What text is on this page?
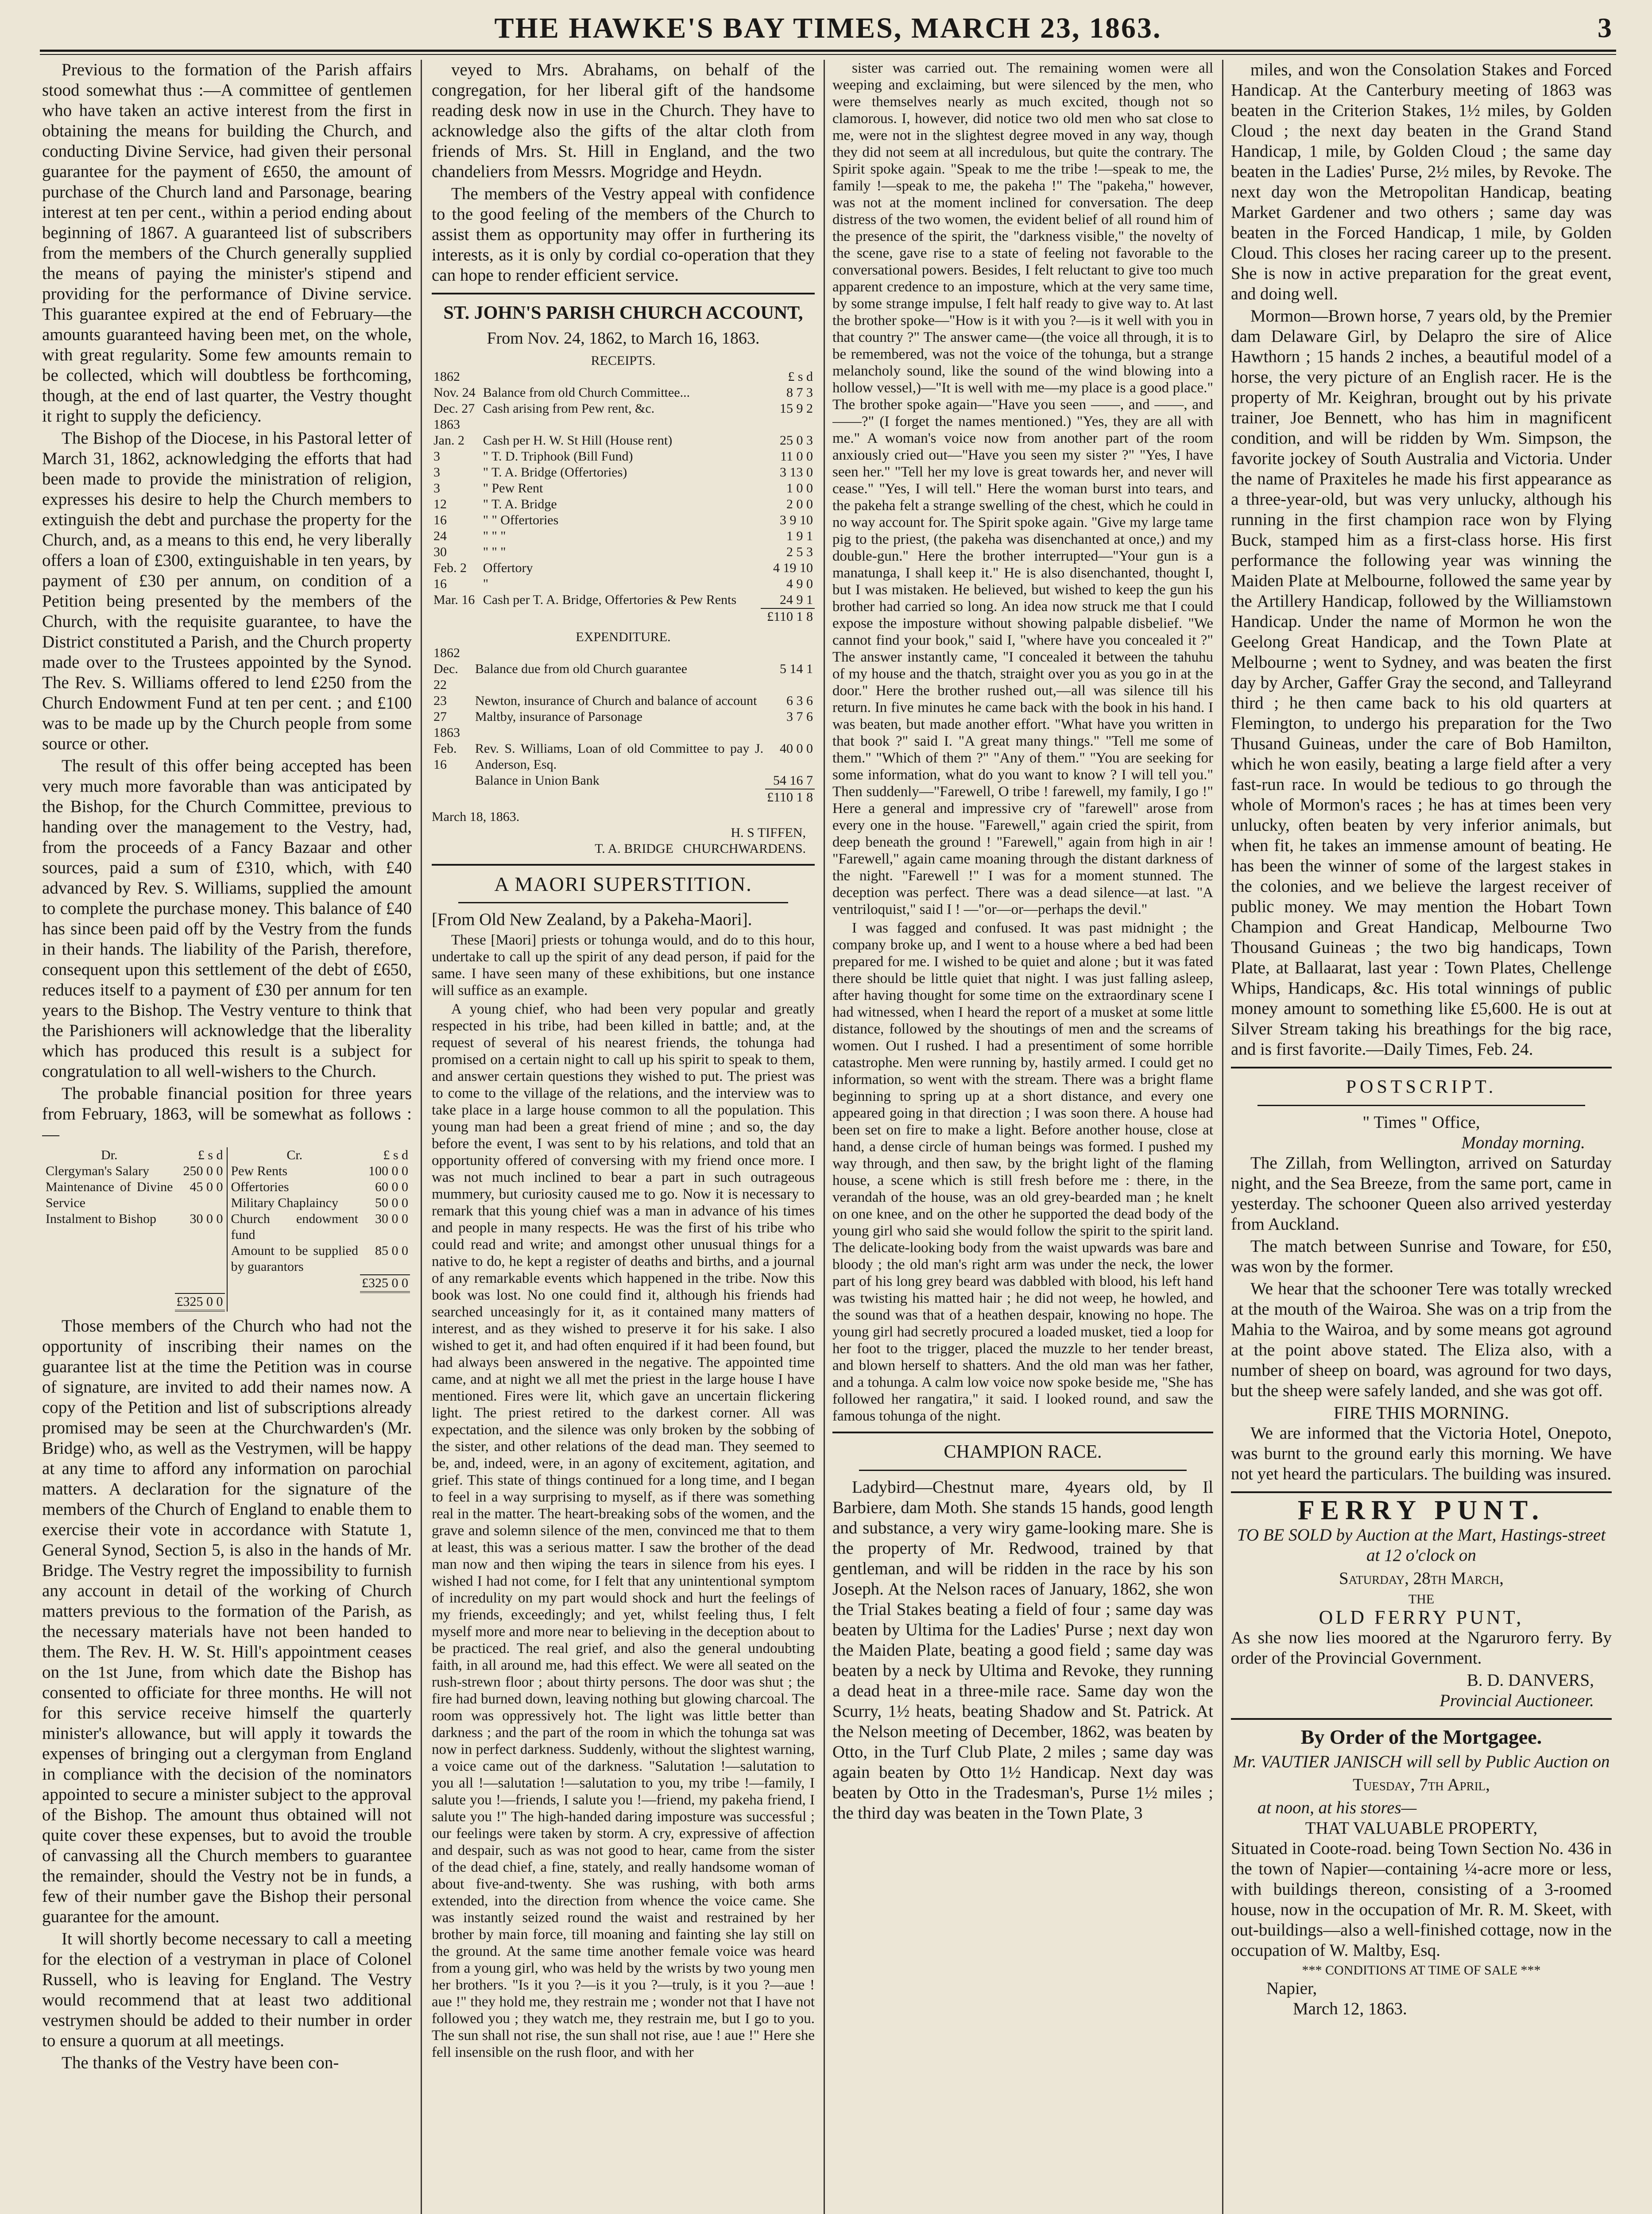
THE HAWKE'S BAY TIMES, MARCH 23, 1863.	3

Previous to the formation of the Parish affairs stood somewhat thus :—A committee of gentlemen who have taken an active interest from the first in obtaining the means for building the Church, and conducting Divine Service, had given their personal guarantee for the payment of £650, the amount of purchase of the Church land and Parsonage, bearing interest at ten per cent., within a period ending about beginning of 1867. A guaranteed list of subscribers from the members of the Church generally supplied the means of paying the minister's stipend and providing for the performance of Divine service. This guarantee expired at the end of February—the amounts guaranteed having been met, on the whole, with great regularity. Some few amounts remain to be collected, which will doubtless be forthcoming, though, at the end of last quarter, the Vestry thought it right to supply the deficiency.

The Bishop of the Diocese, in his Pastoral letter of March 31, 1862, acknowledging the efforts that had been made to provide the ministration of religion, expresses his desire to help the Church members to extinguish the debt and purchase the property for the Church, and, as a means to this end, he very liberally offers a loan of £300, extinguishable in ten years, by payment of £30 per annum, on condition of a Petition being presented by the members of the Church, with the requisite guarantee, to have the District constituted a Parish, and the Church property made over to the Trustees appointed by the Synod. The Rev. S. Williams offered to lend £250 from the Church Endowment Fund at ten per cent. ; and £100 was to be made up by the Church people from some source or other.

The result of this offer being accepted has been very much more favorable than was anticipated by the Bishop, for the Church Committee, previous to handing over the management to the Vestry, had, from the proceeds of a Fancy Bazaar and other sources, paid a sum of £310, which, with £40 advanced by Rev. S. Williams, supplied the amount to complete the purchase money. This balance of £40 has since been paid off by the Vestry from the funds in their hands. The liability of the Parish, therefore, consequent upon this settlement of the debt of £650, reduces itself to a payment of £30 per annum for ten years to the Bishop. The Vestry venture to think that the Parishioners will acknowledge that the liberality which has produced this result is a subject for congratulation to all well-wishers to the Church.

The probable financial position for three years from February, 1863, will be somewhat as follows :—

Dr.	£ s d
Clergyman's Salary	250 0 0
Maintenance of Divine Service	45 0 0
Instalment to Bishop	30 0 0

	£325 0 0

Cr.	£ s d
Pew Rents	100 0 0
Offertories	60 0 0
Military Chaplaincy	50 0 0
Church endowment fund	30 0 0
Amount to be supplied by guarantors	85 0 0
	£325 0 0

Those members of the Church who had not the opportunity of inscribing their names on the guarantee list at the time the Petition was in course of signature, are invited to add their names now. A copy of the Petition and list of subscriptions already promised may be seen at the Churchwarden's (Mr. Bridge) who, as well as the Vestrymen, will be happy at any time to afford any information on parochial matters. A declaration for the signature of the members of the Church of England to enable them to exercise their vote in accordance with Statute 1, General Synod, Section 5, is also in the hands of Mr. Bridge. The Vestry regret the impossibility to furnish any account in detail of the working of Church matters previous to the formation of the Parish, as the necessary materials have not been handed to them. The Rev. H. W. St. Hill's appointment ceases on the 1st June, from which date the Bishop has consented to officiate for three months. He will not for this service receive himself the quarterly minister's allowance, but will apply it towards the expenses of bringing out a clergyman from England in compliance with the decision of the nominators appointed to secure a minister subject to the approval of the Bishop. The amount thus obtained will not quite cover these expenses, but to avoid the trouble of canvassing all the Church members to guarantee the remainder, should the Vestry not be in funds, a few of their number gave the Bishop their personal guarantee for the amount.

It will shortly become necessary to call a meeting for the election of a vestryman in place of Colonel Russell, who is leaving for England. The Vestry would recommend that at least two additional vestrymen should be added to their number in order to ensure a quorum at all meetings.

The thanks of the Vestry have been con-

veyed to Mrs. Abrahams, on behalf of the congregation, for her liberal gift of the handsome reading desk now in use in the Church. They have to acknowledge also the gifts of the altar cloth from friends of Mrs. St. Hill in England, and the two chandeliers from Messrs. Mogridge and Heydn.

The members of the Vestry appeal with confidence to the good feeling of the members of the Church to assist them as opportunity may offer in furthering its interests, as it is only by cordial co-operation that they can hope to render efficient service.

ST. JOHN'S PARISH CHURCH ACCOUNT,
From Nov. 24, 1862, to March 16, 1863.
RECEIPTS.
1862		£ s d
Nov. 24	Balance from old Church Committee...	8 7 3
Dec. 27	Cash arising from Pew rent, &c.	15 9 2
1863		
Jan. 2	Cash per H. W. St Hill (House rent)	25 0 3
3	" T. D. Triphook (Bill Fund)	11 0 0
3	" T. A. Bridge (Offertories)	3 13 0
3	" Pew Rent	1 0 0
12	" T. A. Bridge	2 0 0
16	" " Offertories	3 9 10
24	" " "	1 9 1
30	" " "	2 5 3
Feb. 2	Offertory	4 19 10
16	"	4 9 0
Mar. 16	Cash per T. A. Bridge, Offertories & Pew Rents	24 9 1
		£110 1 8
EXPENDITURE.
1862		
Dec. 22	Balance due from old Church guarantee	5 14 1
23	Newton, insurance of Church and balance of account	6 3 6
27	Maltby, insurance of Parsonage	3 7 6
1863		
Feb. 16	Rev. S. Williams, Loan of old Committee to pay J. Anderson, Esq.	40 0 0
	Balance in Union Bank	54 16 7
		£110 1 8
March 18, 1863.
H. S TIFFEN,
T. A. BRIDGE CHURCHWARDENS.
A MAORI SUPERSTITION.

[From Old New Zealand, by a Pakeha-Maori].

These [Maori] priests or tohunga would, and do to this hour, undertake to call up the spirit of any dead person, if paid for the same. I have seen many of these exhibitions, but one instance will suffice as an example.

A young chief, who had been very popular and greatly respected in his tribe, had been killed in battle; and, at the request of several of his nearest friends, the tohunga had promised on a certain night to call up his spirit to speak to them, and answer certain questions they wished to put. The priest was to come to the village of the relations, and the interview was to take place in a large house common to all the population. This young man had been a great friend of mine ; and so, the day before the event, I was sent to by his relations, and told that an opportunity offered of conversing with my friend once more. I was not much inclined to bear a part in such outrageous mummery, but curiosity caused me to go. Now it is necessary to remark that this young chief was a man in advance of his times and people in many respects. He was the first of his tribe who could read and write; and amongst other unusual things for a native to do, he kept a register of deaths and births, and a journal of any remarkable events which happened in the tribe. Now this book was lost. No one could find it, although his friends had searched unceasingly for it, as it contained many matters of interest, and as they wished to preserve it for his sake. I also wished to get it, and had often enquired if it had been found, but had always been answered in the negative. The appointed time came, and at night we all met the priest in the large house I have mentioned. Fires were lit, which gave an uncertain flickering light. The priest retired to the darkest corner. All was expectation, and the silence was only broken by the sobbing of the sister, and other relations of the dead man. They seemed to be, and, indeed, were, in an agony of excitement, agitation, and grief. This state of things continued for a long time, and I began to feel in a way surprising to myself, as if there was something real in the matter. The heart-breaking sobs of the women, and the grave and solemn silence of the men, convinced me that to them at least, this was a serious matter. I saw the brother of the dead man now and then wiping the tears in silence from his eyes. I wished I had not come, for I felt that any unintentional symptom of incredulity on my part would shock and hurt the feelings of my friends, exceedingly; and yet, whilst feeling thus, I felt myself more and more near to believing in the deception about to be practiced. The real grief, and also the general undoubting faith, in all around me, had this effect. We were all seated on the rush-strewn floor ; about thirty persons. The door was shut ; the fire had burned down, leaving nothing but glowing charcoal. The room was oppressively hot. The light was little better than darkness ; and the part of the room in which the tohunga sat was now in perfect darkness. Suddenly, without the slightest warning, a voice came out of the darkness. "Salutation !—salutation to you all !—salutation !—salutation to you, my tribe !—family, I salute you !—friends, I salute you !—friend, my pakeha friend, I salute you !" The high-handed daring imposture was successful ; our feelings were taken by storm. A cry, expressive of affection and despair, such as was not good to hear, came from the sister of the dead chief, a fine, stately, and really handsome woman of about five-and-twenty. She was rushing, with both arms extended, into the direction from whence the voice came. She was instantly seized round the waist and restrained by her brother by main force, till moaning and fainting she lay still on the ground. At the same time another female voice was heard from a young girl, who was held by the wrists by two young men her brothers. "Is it you ?—is it you ?—truly, is it you ?—aue ! aue !" they hold me, they restrain me ; wonder not that I have not followed you ; they watch me, they restrain me, but I go to you. The sun shall not rise, the sun shall not rise, aue ! aue !" Here she fell insensible on the rush floor, and with her

sister was carried out. The remaining women were all weeping and exclaiming, but were silenced by the men, who were themselves nearly as much excited, though not so clamorous. I, however, did notice two old men who sat close to me, were not in the slightest degree moved in any way, though they did not seem at all incredulous, but quite the contrary. The Spirit spoke again. "Speak to me the tribe !—speak to me, the family !—speak to me, the pakeha !" The "pakeha," however, was not at the moment inclined for conversation. The deep distress of the two women, the evident belief of all round him of the presence of the spirit, the "darkness visible," the novelty of the scene, gave rise to a state of feeling not favorable to the conversational powers. Besides, I felt reluctant to give too much apparent credence to an imposture, which at the very same time, by some strange impulse, I felt half ready to give way to. At last the brother spoke—"How is it with you ?—is it well with you in that country ?" The answer came—(the voice all through, it is to be remembered, was not the voice of the tohunga, but a strange melancholy sound, like the sound of the wind blowing into a hollow vessel,)—"It is well with me—my place is a good place." The brother spoke again—"Have you seen ——, and ——, and ——?" (I forget the names mentioned.) "Yes, they are all with me." A woman's voice now from another part of the room anxiously cried out—"Have you seen my sister ?" "Yes, I have seen her." "Tell her my love is great towards her, and never will cease." "Yes, I will tell." Here the woman burst into tears, and the pakeha felt a strange swelling of the chest, which he could in no way account for. The Spirit spoke again. "Give my large tame pig to the priest, (the pakeha was disenchanted at once,) and my double-gun." Here the brother interrupted—"Your gun is a manatunga, I shall keep it." He is also disenchanted, thought I, but I was mistaken. He believed, but wished to keep the gun his brother had carried so long. An idea now struck me that I could expose the imposture without showing palpable disbelief. "We cannot find your book," said I, "where have you concealed it ?" The answer instantly came, "I concealed it between the tahuhu of my house and the thatch, straight over you as you go in at the door." Here the brother rushed out,—all was silence till his return. In five minutes he came back with the book in his hand. I was beaten, but made another effort. "What have you written in that book ?" said I. "A great many things." "Tell me some of them." "Which of them ?" "Any of them." "You are seeking for some information, what do you want to know ? I will tell you." Then suddenly—"Farewell, O tribe ! farewell, my family, I go !" Here a general and impressive cry of "farewell" arose from every one in the house. "Farewell," again cried the spirit, from deep beneath the ground ! "Farewell," again from high in air ! "Farewell," again came moaning through the distant darkness of the night. "Farewell !" I was for a moment stunned. The deception was perfect. There was a dead silence—at last. "A ventriloquist," said I ! —"or—or—perhaps the devil."

I was fagged and confused. It was past midnight ; the company broke up, and I went to a house where a bed had been prepared for me. I wished to be quiet and alone ; but it was fated there should be little quiet that night. I was just falling asleep, after having thought for some time on the extraordinary scene I had witnessed, when I heard the report of a musket at some little distance, followed by the shoutings of men and the screams of women. Out I rushed. I had a presentiment of some horrible catastrophe. Men were running by, hastily armed. I could get no information, so went with the stream. There was a bright flame beginning to spring up at a short distance, and every one appeared going in that direction ; I was soon there. A house had been set on fire to make a light. Before another house, close at hand, a dense circle of human beings was formed. I pushed my way through, and then saw, by the bright light of the flaming house, a scene which is still fresh before me : there, in the verandah of the house, was an old grey-bearded man ; he knelt on one knee, and on the other he supported the dead body of the young girl who said she would follow the spirit to the spirit land. The delicate-looking body from the waist upwards was bare and bloody ; the old man's right arm was under the neck, the lower part of his long grey beard was dabbled with blood, his left hand was twisting his matted hair ; he did not weep, he howled, and the sound was that of a heathen despair, knowing no hope. The young girl had secretly procured a loaded musket, tied a loop for her foot to the trigger, placed the muzzle to her tender breast, and blown herself to shatters. And the old man was her father, and a tohunga. A calm low voice now spoke beside me, "She has followed her rangatira," it said. I looked round, and saw the famous tohunga of the night.

CHAMPION RACE.

Ladybird—Chestnut mare, 4years old, by Il Barbiere, dam Moth. She stands 15 hands, good length and substance, a very wiry game-looking mare. She is the property of Mr. Redwood, trained by that gentleman, and will be ridden in the race by his son Joseph. At the Nelson races of January, 1862, she won the Trial Stakes beating a field of four ; same day was beaten by Ultima for the Ladies' Purse ; next day won the Maiden Plate, beating a good field ; same day was beaten by a neck by Ultima and Revoke, they running a dead heat in a three-mile race. Same day won the Scurry, 1½ heats, beating Shadow and St. Patrick. At the Nelson meeting of December, 1862, was beaten by Otto, in the Turf Club Plate, 2 miles ; same day was again beaten by Otto 1½ Handicap. Next day was beaten by Otto in the Tradesman's, Purse 1½ miles ; the third day was beaten in the Town Plate, 3

miles, and won the Consolation Stakes and Forced Handicap. At the Canterbury meeting of 1863 was beaten in the Criterion Stakes, 1½ miles, by Golden Cloud ; the next day beaten in the Grand Stand Handicap, 1 mile, by Golden Cloud ; the same day beaten in the Ladies' Purse, 2½ miles, by Revoke. The next day won the Metropolitan Handicap, beating Market Gardener and two others ; same day was beaten in the Forced Handicap, 1 mile, by Golden Cloud. This closes her racing career up to the present. She is now in active preparation for the great event, and doing well.

Mormon—Brown horse, 7 years old, by the Premier dam Delaware Girl, by Delapro the sire of Alice Hawthorn ; 15 hands 2 inches, a beautiful model of a horse, the very picture of an English racer. He is the property of Mr. Keighran, brought out by his private trainer, Joe Bennett, who has him in magnificent condition, and will be ridden by Wm. Simpson, the favorite jockey of South Australia and Victoria. Under the name of Praxiteles he made his first appearance as a three-year-old, but was very unlucky, although his running in the first champion race won by Flying Buck, stamped him as a first-class horse. His first performance the following year was winning the Maiden Plate at Melbourne, followed the same year by the Artillery Handicap, followed by the Williamstown Handicap. Under the name of Mormon he won the Geelong Great Handicap, and the Town Plate at Melbourne ; went to Sydney, and was beaten the first day by Archer, Gaffer Gray the second, and Talleyrand third ; he then came back to his old quarters at Flemington, to undergo his preparation for the Two Thusand Guineas, under the care of Bob Hamilton, which he won easily, beating a large field after a very fast-run race. In would be tedious to go through the whole of Mormon's races ; he has at times been very unlucky, often beaten by very inferior animals, but when fit, he takes an immense amount of beating. He has been the winner of some of the largest stakes in the colonies, and we believe the largest receiver of public money. We may mention the Hobart Town Champion and Great Handicap, Melbourne Two Thousand Guineas ; the two big handicaps, Town Plate, at Ballaarat, last year : Town Plates, Chellenge Whips, Handicaps, &c. His total winnings of public money amount to something like £5,600. He is out at Silver Stream taking his breathings for the big race, and is first favorite.—Daily Times, Feb. 24.

POSTSCRIPT.
" Times " Office,
Monday morning.

The Zillah, from Wellington, arrived on Saturday night, and the Sea Breeze, from the same port, came in yesterday. The schooner Queen also arrived yesterday from Auckland.

The match between Sunrise and Toware, for £50, was won by the former.

We hear that the schooner Tere was totally wrecked at the mouth of the Wairoa. She was on a trip from the Mahia to the Wairoa, and by some means got aground at the point above stated. The Eliza also, with a number of sheep on board, was aground for two days, but the sheep were safely landed, and she was got off.

FIRE THIS MORNING.

We are informed that the Victoria Hotel, Onepoto, was burnt to the ground early this morning. We have not yet heard the particulars. The building was insured.

FERRY PUNT.
TO BE SOLD by Auction at the Mart, Hastings-street at 12 o'clock on
Saturday, 28th March,
THE
OLD FERRY PUNT,

As she now lies moored at the Ngaruroro ferry. By order of the Provincial Government.

B. D. DANVERS,
Provincial Auctioneer.
By Order of the Mortgagee.
Mr. VAUTIER JANISCH will sell by Public Auction on
Tuesday, 7th April,
at noon, at his stores—
THAT VALUABLE PROPERTY,

Situated in Coote-road. being Town Section No. 436 in the town of Napier—containing ¼-acre more or less, with buildings thereon, consisting of a 3-roomed house, now in the occupation of Mr. R. M. Skeet, with out-buildings—also a well-finished cottage, now in the occupation of W. Maltby, Esq.

*** CONDITIONS AT TIME OF SALE ***
Napier,
March 12, 1863.
